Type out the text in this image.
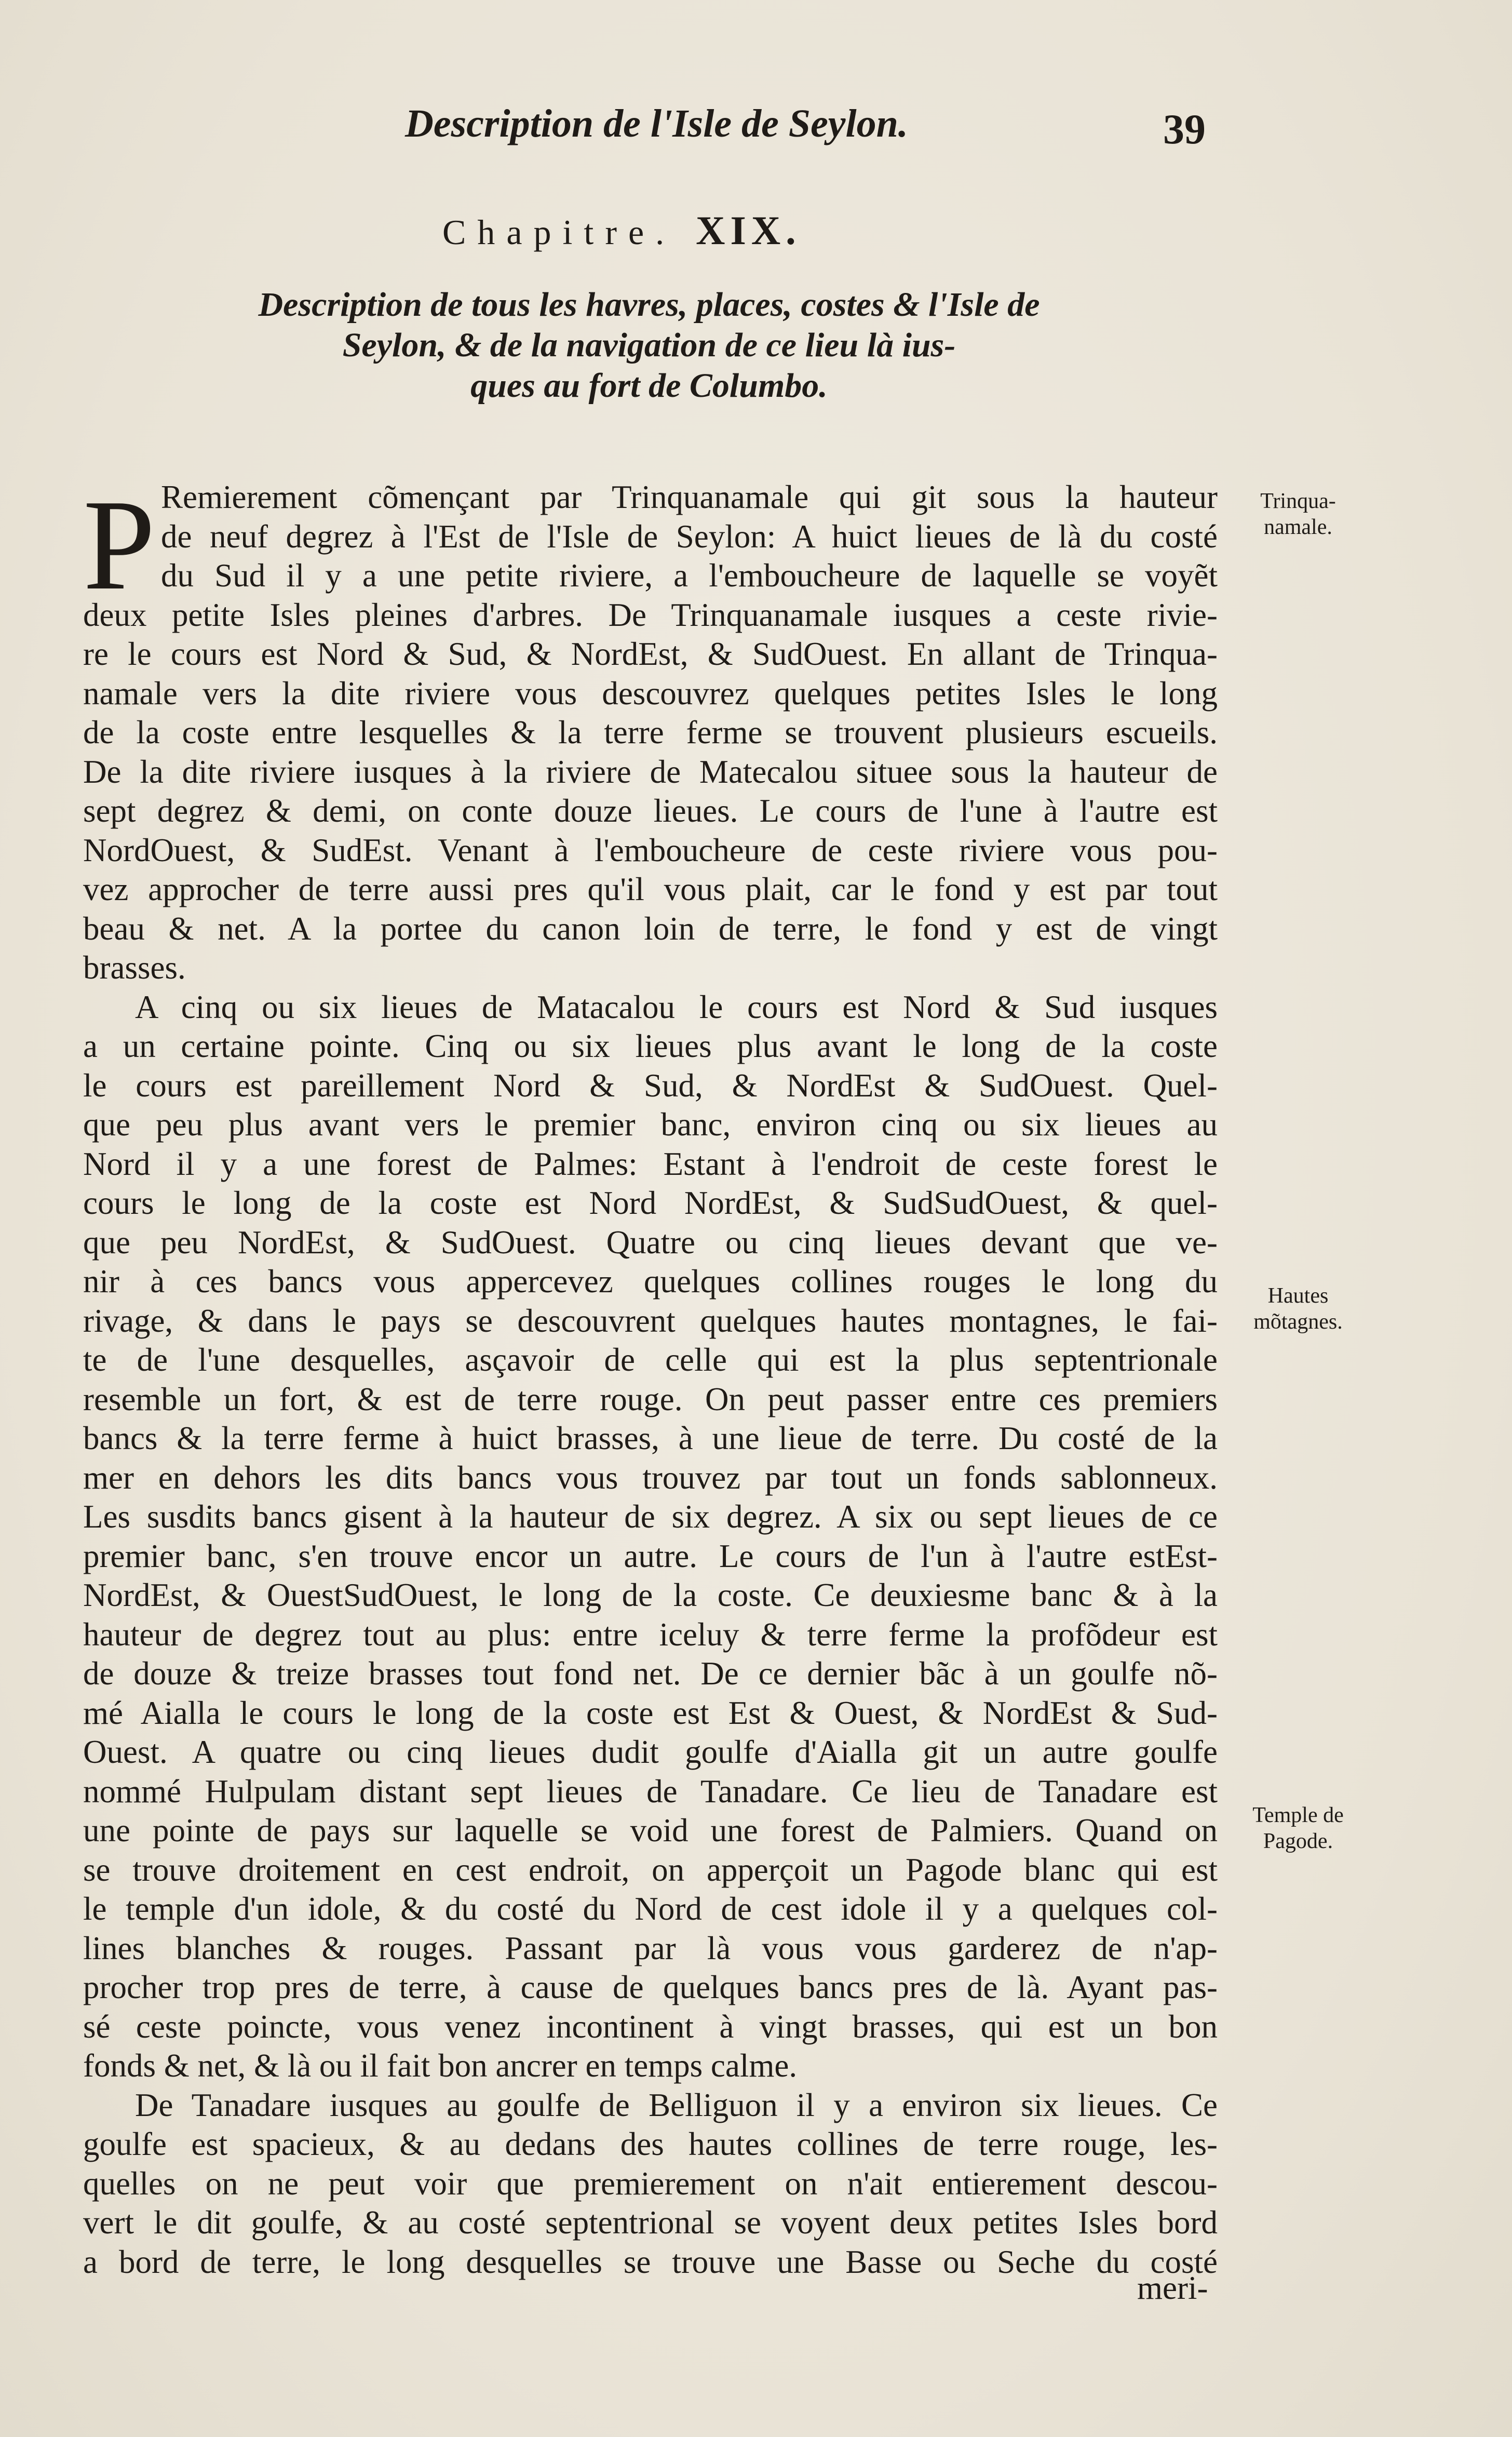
Description de l'Isle de Seylon.	39
Chapitre. XIX.
Description de tous les havres, places, costes & l'Isle de
Seylon, & de la navigation de ce lieu là ius-
ques au fort de Columbo.
P Remierement cõmençant par Trinquanamale qui git sous la hauteur
de neuf degrez à l'Est de l'Isle de Seylon: A huict lieues de là du costé
du Sud il y a une petite riviere, a l'embouchеure de laquelle se voyẽt
deux petite Isles pleines d'arbres. De Trinquanamale iusques a ceste rivie-
re le cours est Nord & Sud, & NordEst, & SudOuest. En allant de Trinqua-
namale vers la dite riviere vous descouvrez quelques petites Isles le long
de la coste entre lesquelles & la terre ferme se trouvent plusieurs escueils.
De la dite riviere iusques à la riviere de Matecalou situee sous la hauteur de
sept degrez & demi, on conte douze lieues. Le cours de l'une à l'autre est
NordOuest, & SudEst. Venant à l'embouchеure de ceste riviere vous pou-
vez approcher de terre aussi pres qu'il vous plait, car le fond y est par tout
beau & net. A la portee du canon loin de terre, le fond y est de vingt
brasses.
A cinq ou six lieues de Matacalou le cours est Nord & Sud iusques
a un certaine pointe. Cinq ou six lieues plus avant le long de la coste
le cours est pareillement Nord & Sud, & NordEst & SudOuest. Quel-
que peu plus avant vers le premier banc, environ cinq ou six lieues au
Nord il y a une forest de Palmes: Estant à l'endroit de ceste forest le
cours le long de la coste est Nord NordEst, & SudSudOuest, & quel-
que peu NordEst, & SudOuest. Quatre ou cinq lieues devant que ve-
nir à ces bancs vous appercevez quelques collines rouges le long du
rivage, & dans le pays se descouvrent quelques hautes montagnes, le fai-
te de l'une desquelles, asçavoir de celle qui est la plus septentrionale
resemble un fort, & est de terre rouge. On peut passer entre ces premiers
bancs & la terre ferme à huict brasses, à une lieue de terre. Du costé de la
mer en dehors les dits bancs vous trouvez par tout un fonds sablonneux.
Les susdits bancs gisent à la hauteur de six degrez. A six ou sept lieues de ce
premier banc, s'en trouve encor un autre. Le cours de l'un à l'autre estEst-
NordEst, & OuestSudOuest, le long de la coste. Ce deuxiesme banc & à la
hauteur de degrez tout au plus: entre iceluy & terre ferme la profõdeur est
de douze & treize brasses tout fond net. De ce dernier bãc à un goulfe nõ-
mé Aialla le cours le long de la coste est Est & Ouest, & NordEst & Sud-
Ouest. A quatre ou cinq lieues dudit goulfe d'Aialla git un autre goulfe
nommé Hulpulam distant sept lieues de Tanadare. Ce lieu de Tanadare est
une pointe de pays sur laquelle se void une forest de Palmiers. Quand on
se trouve droitement en cest endroit, on apperçoit un Pagode blanc qui est
le temple d'un idole, & du costé du Nord de cest idole il y a quelques col-
lines blanches & rouges. Passant par là vous vous garderez de n'ap-
procher trop pres de terre, à cause de quelques bancs pres de là. Ayant pas-
sé ceste poincte, vous venez incontinent à vingt brasses, qui est un bon
fonds & net, & là ou il fait bon ancrer en temps calme.
De Tanadare iusques au goulfe de Belliguon il y a environ six lieues. Ce
goulfe est spacieux, & au dedans des hautes collines de terre rouge, les-
quelles on ne peut voir que premierement on n'ait entierement descou-
vert le dit goulfe, & au costé septentrional se voyent deux petites Isles bord
a bord de terre, le long desquelles se trouve une Basse ou Seche du costé
meri-
Trinqua-
namale.
Hautes
mõtagnes.
Temple de
Pagode.
